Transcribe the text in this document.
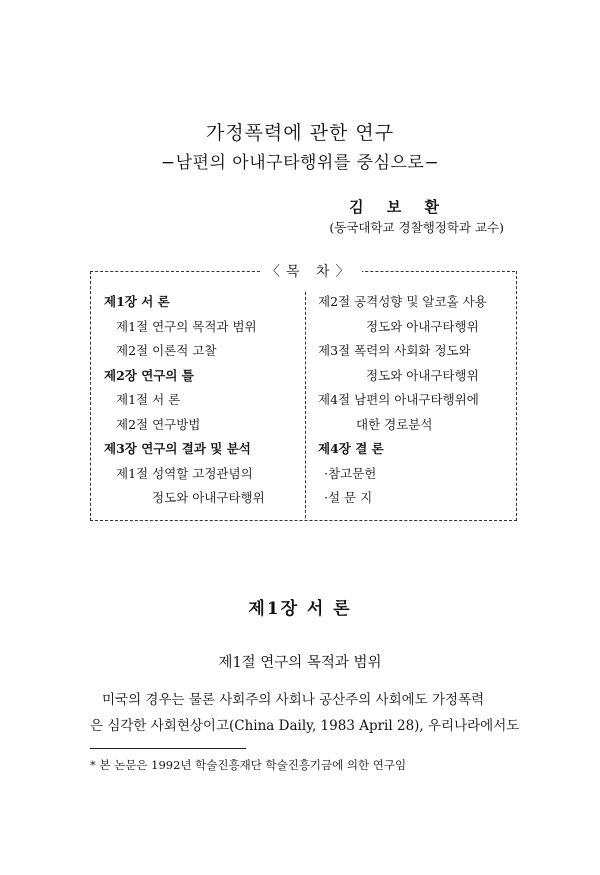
가정폭력에 관한 연구
−남편의 아내구타행위를 중심으로−
김 보 환
(동국대학교 경찰행정학과 교수)
〈목 차〉
제1장 서 론
제1절 연구의 목적과 범위
제2절 이론적 고찰
제2장 연구의 틀
제1절 서 론
제2절 연구방법
제3장 연구의 결과 및 분석
제1절 성역할 고정관념의
정도와 아내구타행위
제2절 공격성향 및 알코홀 사용
정도와 아내구타행위
제3절 폭력의 사회화 정도와
정도와 아내구타행위
제4절 남편의 아내구타행위에
대한 경로분석
제4장 결 론
·참고문헌
·설 문 지
제1장 서 론
제1절 연구의 목적과 범위
미국의 경우는 물론 사회주의 사회나 공산주의 사회에도 가정폭력
은 심각한 사회현상이고(China Daily, 1983 April 28), 우리나라에서도
* 본 논문은 1992년 학술진흥재단 학술진흥기금에 의한 연구임
